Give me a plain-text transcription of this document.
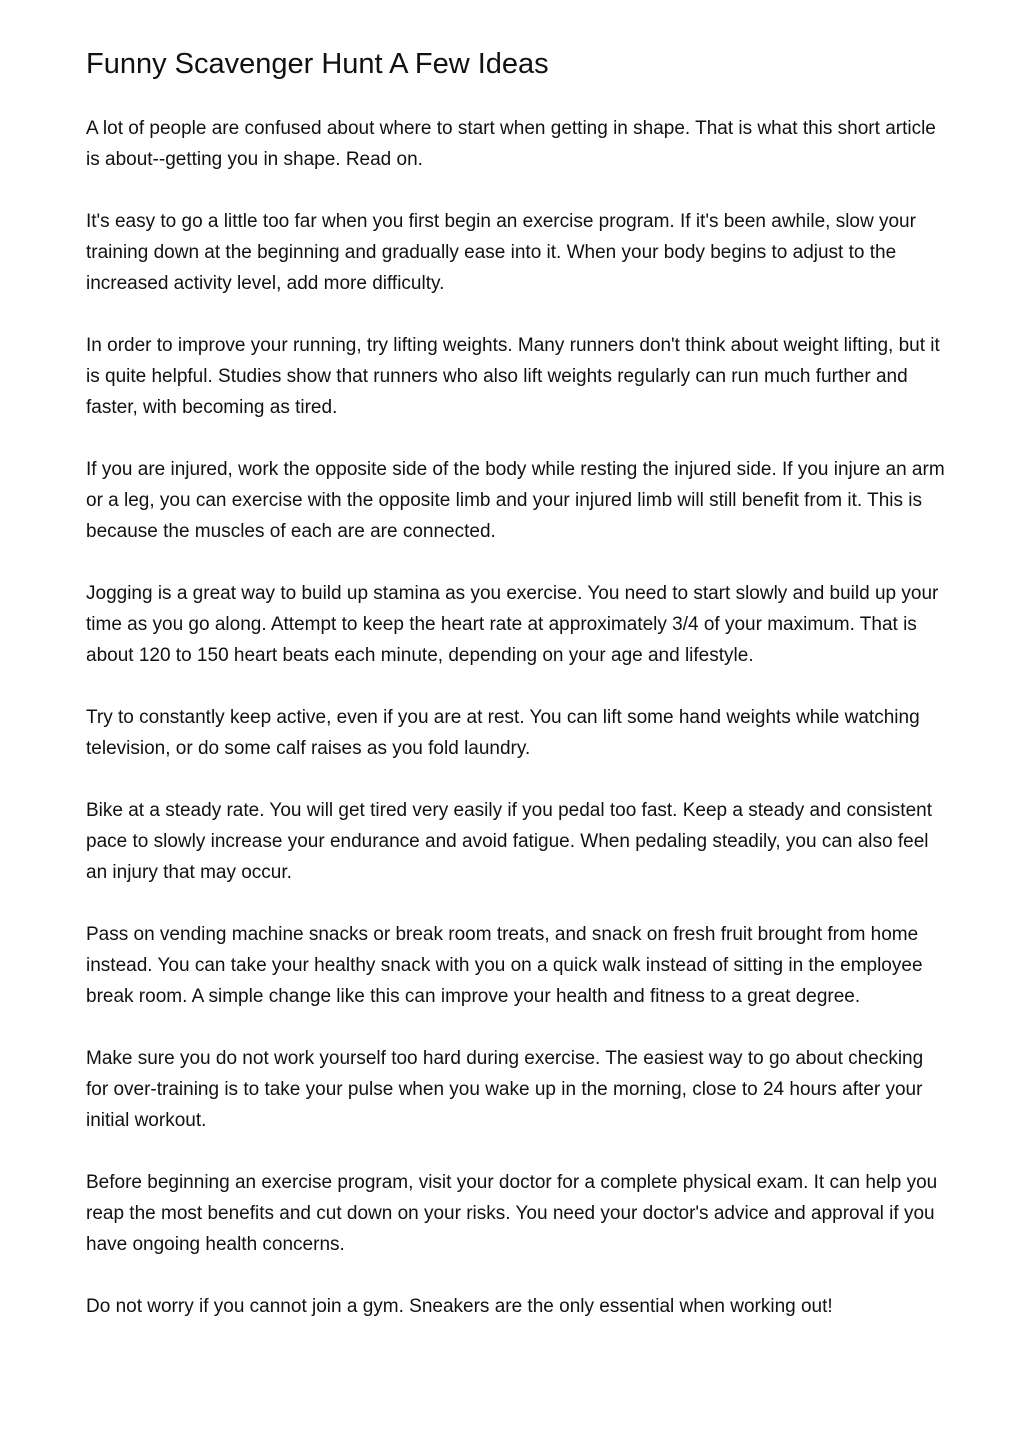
Funny Scavenger Hunt A Few Ideas

A lot of people are confused about where to start when getting in shape. That is what this short article is about--getting you in shape. Read on.

It's easy to go a little too far when you first begin an exercise program. If it's been awhile, slow your training down at the beginning and gradually ease into it. When your body begins to adjust to the increased activity level, add more difficulty.

In order to improve your running, try lifting weights. Many runners don't think about weight lifting, but it is quite helpful. Studies show that runners who also lift weights regularly can run much further and faster, with becoming as tired.

If you are injured, work the opposite side of the body while resting the injured side. If you injure an arm or a leg, you can exercise with the opposite limb and your injured limb will still benefit from it. This is because the muscles of each are are connected.

Jogging is a great way to build up stamina as you exercise. You need to start slowly and build up your time as you go along. Attempt to keep the heart rate at approximately 3/4 of your maximum. That is about 120 to 150 heart beats each minute, depending on your age and lifestyle.

Try to constantly keep active, even if you are at rest. You can lift some hand weights while watching television, or do some calf raises as you fold laundry.

Bike at a steady rate. You will get tired very easily if you pedal too fast. Keep a steady and consistent pace to slowly increase your endurance and avoid fatigue. When pedaling steadily, you can also feel an injury that may occur.

Pass on vending machine snacks or break room treats, and snack on fresh fruit brought from home instead. You can take your healthy snack with you on a quick walk instead of sitting in the employee break room. A simple change like this can improve your health and fitness to a great degree.

Make sure you do not work yourself too hard during exercise. The easiest way to go about checking for over-training is to take your pulse when you wake up in the morning, close to 24 hours after your initial workout.

Before beginning an exercise program, visit your doctor for a complete physical exam. It can help you reap the most benefits and cut down on your risks. You need your doctor's advice and approval if you have ongoing health concerns.

Do not worry if you cannot join a gym. Sneakers are the only essential when working out!
